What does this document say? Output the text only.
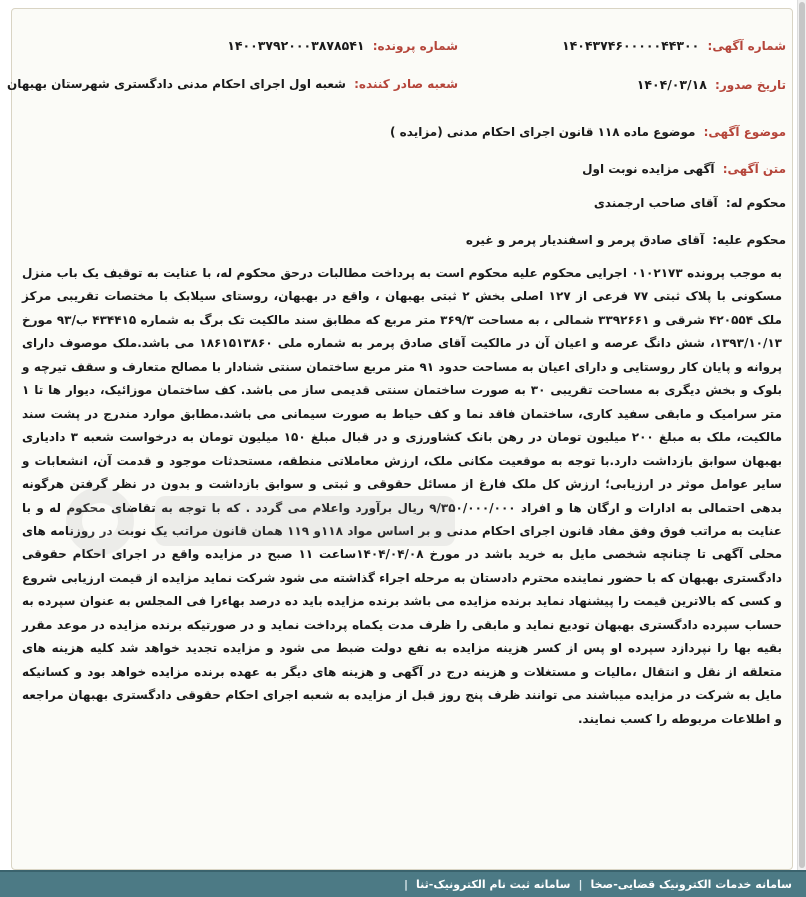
شماره آگهی: ۱۴۰۴۳۷۴۶۰۰۰۰۰۴۴۳۰۰
شماره پرونده: ۱۴۰۰۳۷۹۲۰۰۰۳۸۷۸۵۴۱
تاریخ صدور: ۱۴۰۴/۰۳/۱۸
شعبه صادر کننده: شعبه اول اجرای احکام مدنی دادگستری شهرستان بهبهان
موضوع آگهی: موضوع ماده ۱۱۸ قانون اجرای احکام مدنی (مزایده )
متن آگهی: آگهی مزایده نوبت اول
محکوم له: آقای صاحب ارجمندی
محکوم علیه: آقای صادق پرمر و اسفندیار پرمر و غیره

به موجب پرونده ۰۱۰۲۱۷۳ اجرایی محکوم علیه محکوم است به پرداخت مطالبات درحق محکوم له، با عنایت به توقیف یک باب منزل مسکونی با پلاک ثبتی ۷۷ فرعی از ۱۲۷ اصلی بخش ۲ ثبتی بهبهان ، واقع در بهبهان، روستای سیلابک با مختصات تقریبی مرکز ملک ۴۲۰۵۵۴ شرقی و ۳۳۹۲۶۶۱ شمالی ، به مساحت ۳۶۹/۳ متر مربع که مطابق سند مالکیت تک برگ به شماره ۴۳۴۴۱۵ ب/۹۳ مورخ ۱۳۹۳/۱۰/۱۳، شش دانگ عرصه و اعیان آن در مالکیت آقای صادق پرمر به شماره ملی ۱۸۶۱۵۱۳۸۶۰ می باشد.ملک موصوف دارای پروانه و پایان کار روستایی و دارای اعیان به مساحت حدود ۹۱ متر مربع ساختمان سنتی شنادار با مصالح متعارف و سقف تیرچه و بلوک و بخش دیگری به مساحت تقریبی ۳۰ به صورت ساختمان سنتی قدیمی ساز می باشد. کف ساختمان موزائیک، دیوار ها تا ۱ متر سرامیک و مابقی سفید کاری، ساختمان فاقد نما و کف حیاط به صورت سیمانی می باشد.مطابق موارد مندرج در پشت سند مالکیت، ملک به مبلغ ۲۰۰ میلیون تومان در رهن بانک کشاورزی و در قبال مبلغ ۱۵۰ میلیون تومان به درخواست شعبه ۳ دادیاری بهبهان سوابق بازداشت دارد.با توجه به موقعیت مکانی ملک، ارزش معاملاتی منطقه، مستحدثات موجود و قدمت آن، انشعابات و سایر عوامل موثر در ارزیابی؛ ارزش کل ملک فارغ از مسائل حقوقی و ثبتی و سوابق بازداشت و بدون در نظر گرفتن هرگونه بدهی احتمالی به ادارات و ارگان ها و افراد ۹/۳۵۰/۰۰۰/۰۰۰ ریال برآورد واعلام می گردد . که با توجه به تقاضای محکوم له و با عنایت به مراتب فوق وفق مفاد قانون اجرای احکام مدنی و بر اساس مواد ۱۱۸و ۱۱۹ همان قانون مراتب یک نوبت در روزنامه های محلی آگهی تا چنانچه شخصی مایل به خرید باشد در مورخ ۱۴۰۴/۰۴/۰۸ساعت ۱۱ صبح در مزایده واقع در اجرای احکام حقوقی دادگستری بهبهان که با حضور نماینده محترم دادستان به مرحله اجراء گذاشته می شود شرکت نماید مزایده از قیمت ارزیابی شروع و کسی که بالاترین قیمت را پیشنهاد نماید برنده مزایده می باشد برنده مزایده باید ده درصد بهاءرا فی المجلس به عنوان سپرده به حساب سپرده دادگستری بهبهان تودیع نماید و مابقی را ظرف مدت یکماه پرداخت نماید و در صورتیکه برنده مزایده در موعد مقرر بقیه بها را نپردازد سپرده او پس از کسر هزینه مزایده به نفع دولت ضبط می شود و مزایده تجدید خواهد شد کلیه هزینه های متعلقه از نقل و انتقال ،مالیات و مستغلات و هزینه درج در آگهی و هزینه های دیگر به عهده برنده مزایده خواهد بود و کسانیکه مایل به شرکت در مزایده میباشند می توانند ظرف پنج روز قبل از مزایده به شعبه اجرای احکام حقوقی دادگستری بهبهان مراجعه و اطلاعات مربوطه را کسب نمایند.

سامانه خدمات الکترونیک قضایی-صخا
|
سامانه ثبت نام الکترونیک-ثنا
|
